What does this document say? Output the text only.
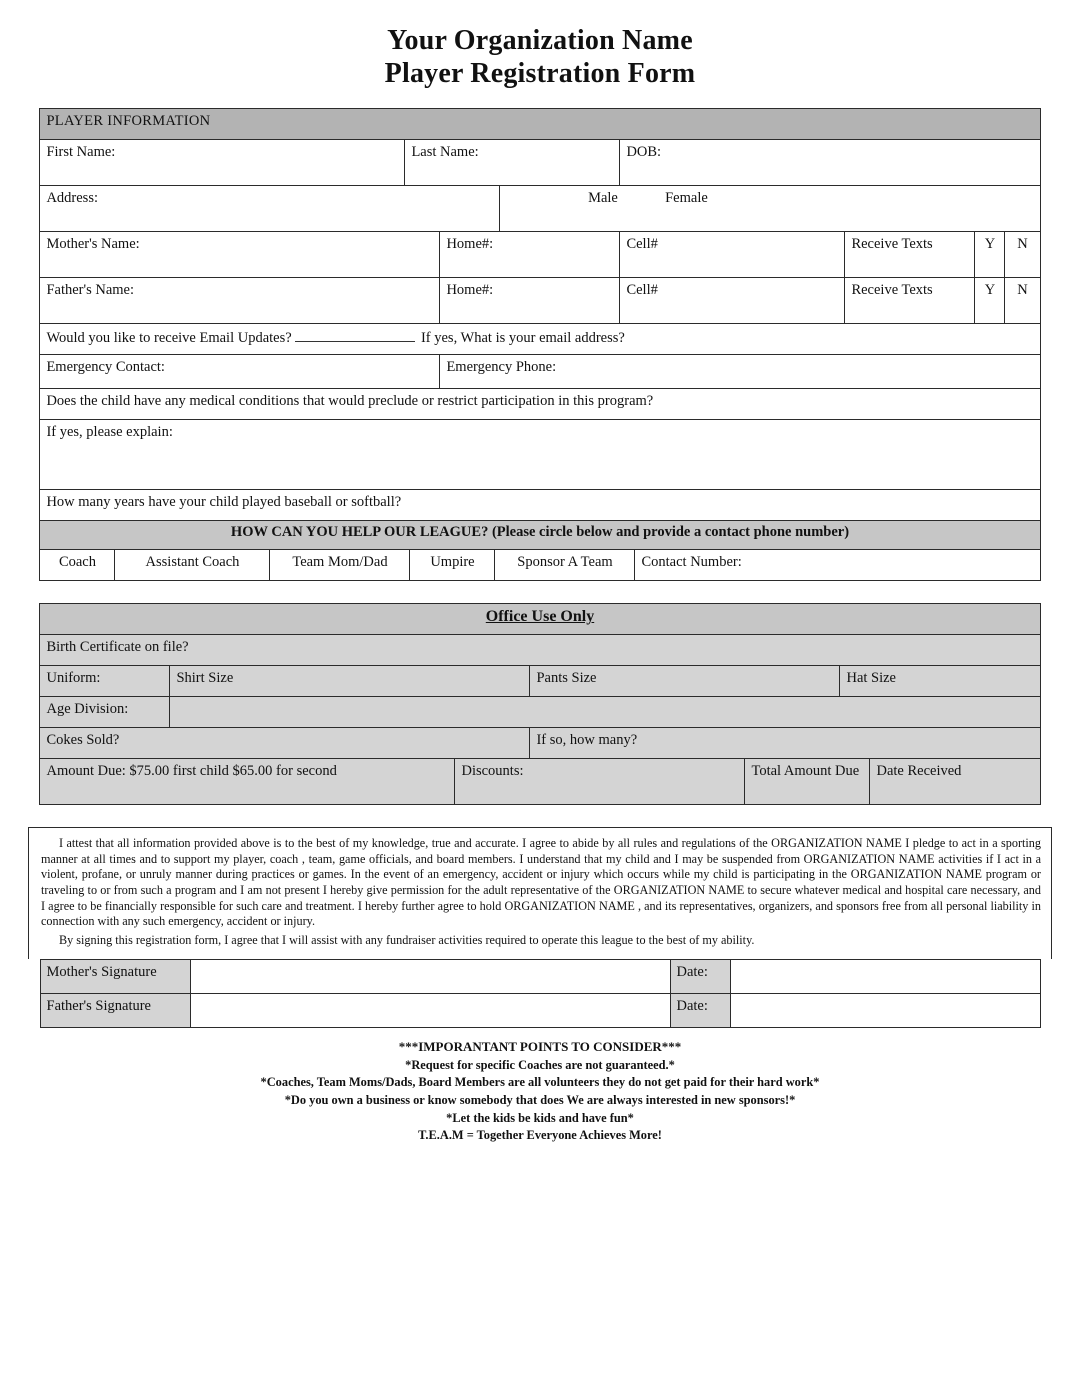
Your Organization Name
Player Registration Form
PLAYER INFORMATION							
First Name:	Last Name:			DOB:			
Address:			Male Female				
Mother's Name:		Home#:		Cell#	Receive Texts	Y	N
Father's Name:		Home#:		Cell#	Receive Texts	Y	N
Would you like to receive Email Updates? If yes, What is your email address?							
Emergency Contact:		Emergency Phone:					
Does the child have any medical conditions that would preclude or restrict participation in this program?							
If yes, please explain:							
How many years have your child played baseball or softball?							
HOW CAN YOU HELP OUR LEAGUE? (Please circle below and provide a contact phone number)
Coach	Assistant Coach	Team Mom/Dad	Umpire	Sponsor A Team	Contact Number:
Office Use Only						
Birth Certificate on file?						
Uniform:	Shirt Size		Pants Size		Hat Size	
Age Division:						
Cokes Sold?			If so, how many?			
Amount Due: $75.00 first child $65.00 for second		Discounts:		Total Amount Due		Date Received

I attest that all information provided above is to the best of my knowledge, true and accurate. I agree to abide by all rules and regulations of the ORGANIZATION NAME I pledge to act in a sporting manner at all times and to support my player, coach , team, game officials, and board members. I understand that my child and I may be suspended from ORGANIZATION NAME activities if I act in a violent, profane, or unruly manner during practices or games. In the event of an emergency, accident or injury which occurs while my child is participating in the ORGANIZATION NAME program or traveling to or from such a program and I am not present I hereby give permission for the adult representative of the ORGANIZATION NAME to secure whatever medical and hospital care necessary, and I agree to be financially responsible for such care and treatment. I hereby further agree to hold ORGANIZATION NAME , and its representatives, organizers, and sponsors free from all personal liability in connection with any such emergency, accident or injury.

By signing this registration form, I agree that I will assist with any fundraiser activities required to operate this league to the best of my ability.

Mother's Signature		Date:	
Father's Signature		Date:	
***IMPORANTANT POINTS TO CONSIDER***
*Request for specific Coaches are not guaranteed.*
*Coaches, Team Moms/Dads, Board Members are all volunteers they do not get paid for their hard work*
*Do you own a business or know somebody that does We are always interested in new sponsors!*
*Let the kids be kids and have fun*
T.E.A.M = Together Everyone Achieves More!
